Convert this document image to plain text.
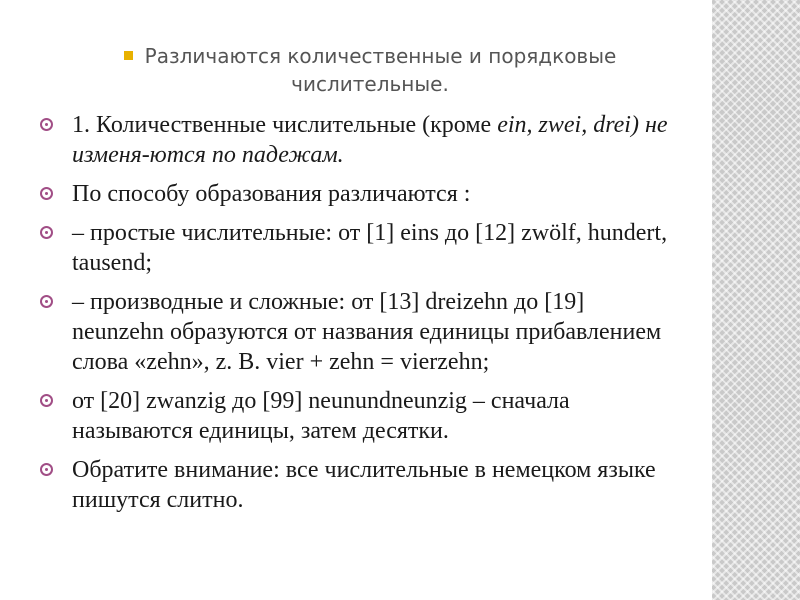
Различаются количественные и порядковые
числительные.
1. Количественные числительные (кроме ein, zwei, drei) не изменя-ются по падежам.
По способу образования различаются :
– простые числительные: от [1] eins до [12] zwölf, hundert, tausend;
– производные и сложные: от [13] dreizehn до [19] neunzehn образуются от названия единицы прибавлением слова «zehn», z. B. vier + zehn = vierzehn;
от [20] zwanzig до [99] neunundneunzig – сначала называются единицы, затем десятки.
Обратите внимание: все числительные в немецком языке пишутся слитно.
